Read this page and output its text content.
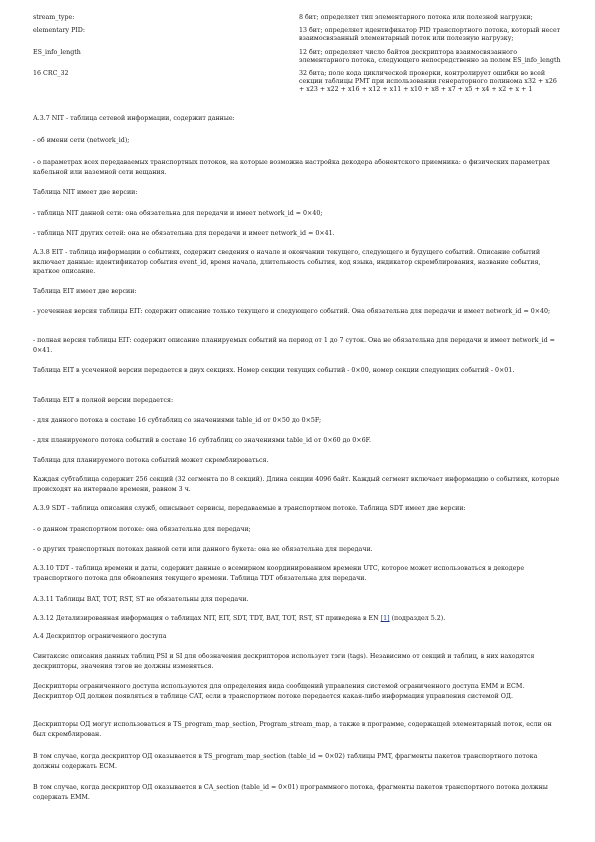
stream_type:	8 бит; определяет тип элементарного потока или полезной нагрузки;
elementary PID:	13 бит; определяет идентификатор PID транспортного потока, который несет взаимосвязанный элементарный поток или полезную нагрузку;
ES_info_length	12 бит; определяет число байтов дескриптора взаимосвязанного элементарного потока, следующего непосредственно за полем ES_info_length
16 CRC_32	32 бита; поле кода циклической проверки, контролирует ошибки во всей секции таблицы PMT при использовании генераторного полинома x32 + x26 + x23 + x22 + x16 + x12 + x11 + x10 + x8 + x7 + x5 + x4 + x2 + x + 1
А.3.7 NIT - таблица сетевой информации, содержит данные:
- об имени сети (network_id);
- о параметрах всех передаваемых транспортных потоков, на которые возможна настройка декодера абонентского приемника: о физических параметрах кабельной или наземной сети вещания.
Таблица NIT имеет две версии:
- таблица NIT данной сети: она обязательна для передачи и имеет network_id = 0×40;
- таблица NIT других сетей: она не обязательна для передачи и имеет network_id = 0×41.
А.3.8 EIT - таблица информации о событиях, содержит сведения о начале и окончании текущего, следующего и будущего событий. Описание событий включает данные: идентификатор события event_id, время начала, длительность события, код языка, индикатор скремблирования, название события, краткое описание.
Таблица EIT имеет две версии:
- усеченная версия таблицы EIT: содержит описание только текущего и следующего событий. Она обязательна для передачи и имеет network_id = 0×40;
- полная версия таблицы EIT: содержит описание планируемых событий на период от 1 до 7 суток. Она не обязательна для передачи и имеет network_id = 0×41.
Таблица EIT в усеченной версии передается в двух секциях. Номер секции текущих событий - 0×00, номер секции следующих событий - 0×01.
Таблица EIT в полной версии передается:
- для данного потока в составе 16 субтаблиц со значениями table_id от 0×50 до 0×5F;
- для планируемого потока событий в составе 16 субтаблиц со значениями table_id от 0×60 до 0×6F.
Таблица для планируемого потока событий может скремблироваться.
Каждая субтаблица содержит 256 секций (32 сегмента по 8 секций). Длина секции 4096 байт. Каждый сегмент включает информацию о событиях, которые происходят на интервале времени, равном 3 ч.
А.3.9 SDT - таблица описания служб, описывает сервисы, передаваемые в транспортном потоке. Таблица SDT имеет две версии:
- о данном транспортном потоке: она обязательна для передачи;
- о других транспортных потоках данной сети или данного букета: она не обязательна для передачи.
А.3.10 TDT - таблица времени и даты, содержит данные о всемирном координированном времени UTC, которое может использоваться в декодере транспортного потока для обновления текущего времени. Таблица TDT обязательна для передачи.
А.3.11 Таблицы BAT, TOT, RST, ST не обязательны для передачи.
А.3.12 Детализированная информация о таблицах NIT, EIT, SDT, TDT, BAT, TOT, RST, ST приведена в EN [1] (подраздел 5.2).
А.4 Дескриптор ограниченного доступа
Синтаксис описания данных таблиц PSI и SI для обозначения дескрипторов использует тэги (tags). Независимо от секций и таблиц, в них находятся дескрипторы, значения тэгов не должны изменяться.
Дескрипторы ограниченного доступа используются для определения вида сообщений управления системой ограниченного доступа EMM и ECM. Дескриптор ОД должен появляться в таблице CAT, если в транспортном потоке передается какая-либо информация управления системой ОД.
Дескрипторы ОД могут использоваться в TS_program_map_section, Program_stream_map, а также в программе, содержащей элементарный поток, если он был скремблирован.
В том случае, когда дескриптор ОД оказывается в TS_program_map_section (table_id = 0×02) таблицы PMT, фрагменты пакетов транспортного потока должны содержать ECM.
В том случае, когда дескриптор ОД оказывается в CA_section (table_id = 0×01) программного потока, фрагменты пакетов транспортного потока должны содержать EMM.
